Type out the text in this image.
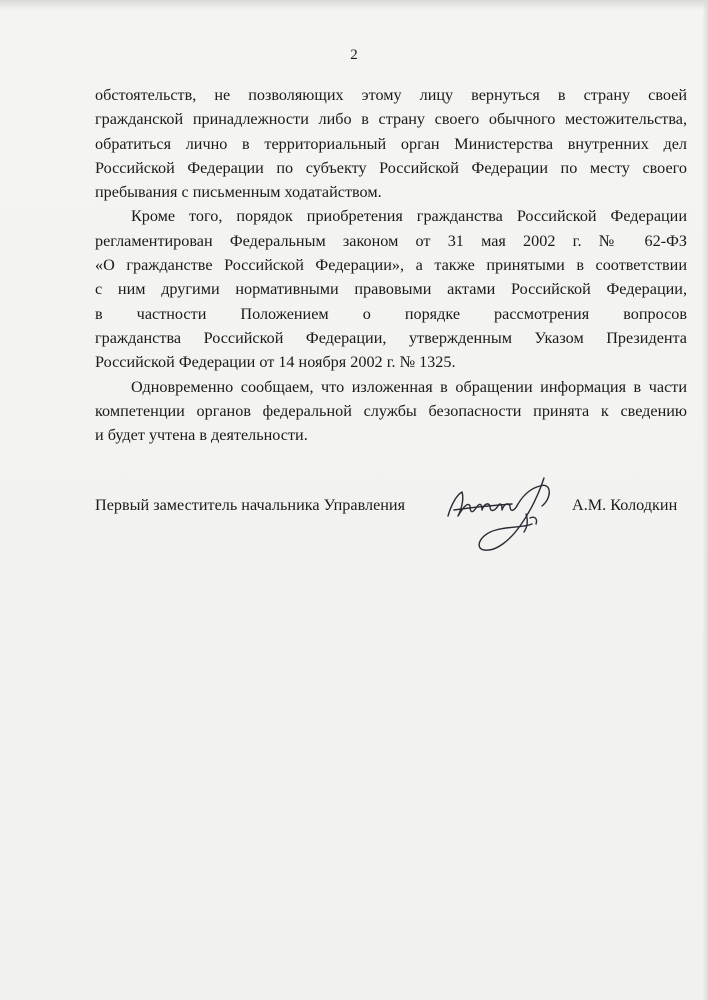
2
обстоятельств, не позволяющих этому лицу вернуться в страну своей
гражданской принадлежности либо в страну своего обычного местожительства,
обратиться лично в территориальный орган Министерства внутренних дел
Российской Федерации по субъекту Российской Федерации по месту своего
пребывания с письменным ходатайством.
Кроме того, порядок приобретения гражданства Российской Федерации
регламентирован Федеральным законом от 31 мая 2002 г. № 62-ФЗ
«О гражданстве Российской Федерации», а также принятыми в соответствии
с ним другими нормативными правовыми актами Российской Федерации,
в частности Положением о порядке рассмотрения вопросов
гражданства Российской Федерации, утвержденным Указом Президента
Российской Федерации от 14 ноября 2002 г. № 1325.
Одновременно сообщаем, что изложенная в обращении информация в части
компетенции органов федеральной службы безопасности принята к сведению
и будет учтена в деятельности.
Первый заместитель начальника Управления	А.М. Колодкин
